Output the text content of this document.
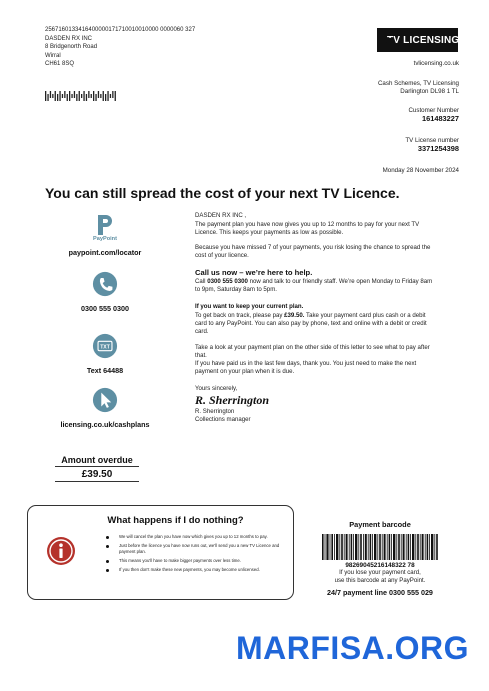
2567160133416400000171710010010000 0000060 327
DASDEN RX INC
8 Bridgenorth Road
Wirral
CH61 8SQ
TV LICENSING
tvlicensing.co.uk
Cash Schemes, TV Licensing
Darlington DL98 1 TL
Customer Number
161483227
TV License number
3371254398
Monday 28 November 2024
You can still spread the cost of your next TV Licence.
PayPoint
paypoint.com/locator
0300 555 0300
TXT
Text 64488
licensing.co.uk/cashplans

DASDEN RX INC ,

The payment plan you have now gives you up to 12 months to pay for your next TV Licence. This keeps your payments as low as possible.

Because you have missed 7 of your payments, you risk losing the chance to spread the cost of your licence.

Call us now – we’re here to help.

Call 0300 555 0300 now and talk to our friendly staff. We’re open Monday to Friday 8am to 9pm, Saturday 8am to 5pm.

If you want to keep your current plan.

To get back on track, please pay £39.50. Take your payment card plus cash or a debit card to any PayPoint. You can also pay by phone, text and online with a debit or credit card.

Take a look at your payment plan on the other side of this letter to see what to pay after that.

If you have paid us in the last few days, thank you. You just need to make the next payment on your plan when it is due.

Yours sincerely,

R. Sherrington

R. Sherrington

Collections manager

Amount overdue
£39.50
What happens if I do nothing?
We will cancel the plan you have now which gives you up to 12 months to pay.
Just before the licence you have now runs out, we'll send you a new TV Licence and payment plan.
This means you'll have to make bigger payments over less time.
If you then don't make these new payments, you may become unlicensed.
Payment barcode
98269045216148322 78
If you lose your payment card,
use this barcode at any PayPoint.
24/7 payment line 0300 555 029
MARFISA.ORG
